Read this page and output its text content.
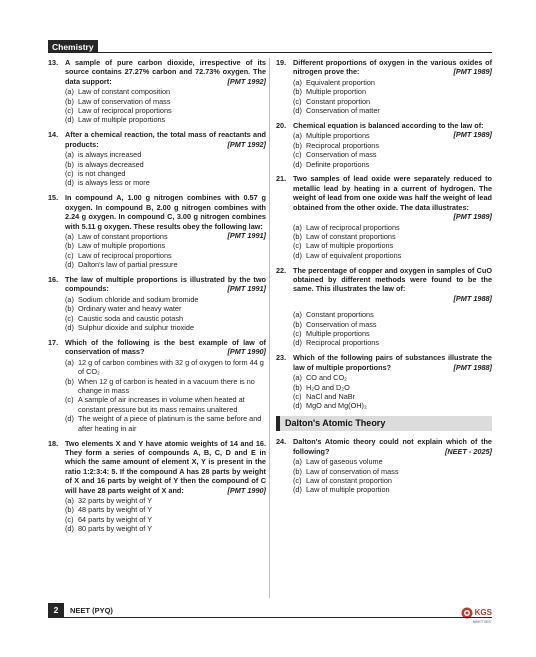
Chemistry
13. A sample of pure carbon dioxide, irrespective of its source contains 27.27% carbon and 72.73% oxygen. The data support:	[PMT 1992]
(a) Law of constant composition
(b) Law of conservation of mass
(c) Law of reciprocal proportions
(d) Law of multiple proportions
14. After a chemical reaction, the total mass of reactants and products:	[PMT 1992]
(a) is always increased
(b) is always decreased
(c) is not changed
(d) is always less or more
15. In compound A, 1.00 g nitrogen combines with 0.57 g oxygen. In compound B, 2.00 g nitrogen combines with 2.24 g oxygen. In compound C, 3.00 g nitrogen combines with 5.11 g oxygen. These results obey the following law:
[PMT 1991]
(a) Law of constant proportions
(b) Law of multiple proportions
(c) Law of reciprocal proportions
(d) Dalton's law of partial pressure
16. The law of multiple proportions is illustrated by the two compounds:	[PMT 1991]
(a) Sodium chloride and sodium bromide
(b) Ordinary water and heavy water
(c) Caustic soda and caustic potash
(d) Sulphur dioxide and sulphur trioxide
17. Which of the following is the best example of law of conservation of mass?	[PMT 1990]
(a) 12 g of carbon combines with 32 g of oxygen to form 44 g of CO₂
(b) When 12 g of carbon is heated in a vacuum there is no change in mass
(c) A sample of air increases in volume when heated at constant pressure but its mass remains unaltered
(d) The weight of a piece of platinum is the same before and after heating in air
18. Two elements X and Y have atomic weights of 14 and 16. They form a series of compounds A, B, C, D and E in which the same amount of element X, Y is present in the ratio 1:2:3:4: 5. If the compound A has 28 parts by weight of X and 16 parts by weight of Y then the compound of C will have 28 parts weight of X and:	[PMT 1990]
(a) 32 parts by weight of Y
(b) 48 parts by weight of Y
(c) 64 parts by weight of Y
(d) 80 parts by weight of Y
19. Different proportions of oxygen in the various oxides of nitrogen prove the:	[PMT 1989]
(a) Equivalent proportion
(b) Multiple proportion
(c) Constant proportion
(d) Conservation of matter
20. Chemical equation is balanced according to the law of:
[PMT 1989]
(a) Multiple proportions
(b) Reciprocal proportions
(c) Conservation of mass
(d) Definite proportions
21. Two samples of lead oxide were separately reduced to metallic lead by heating in a current of hydrogen. The weight of lead from one oxide was half the weight of lead obtained from the other oxide. The data illustrates:
[PMT 1989]
(a) Law of reciprocal proportions
(b) Law of constant proportions
(c) Law of multiple proportions
(d) Law of equivalent proportions
22. The percentage of copper and oxygen in samples of CuO obtained by different methods were found to be the same. This illustrates the law of:
[PMT 1988]
(a) Constant proportions
(b) Conservation of mass
(c) Multiple proportions
(d) Reciprocal proportions
23. Which of the following pairs of substances illustrate the law of multiple proportions?	[PMT 1988]
(a) CO and CO₂
(b) H₂O and D₂O
(c) NaCl and NaBr
(d) MgO and Mg(OH)₂
Dalton's Atomic Theory
24. Dalton's Atomic theory could not explain which of the following?	[NEET - 2025]
(a) Law of gaseous volume
(b) Law of conservation of mass
(c) Law of constant proportion
(d) Law of multiple proportion
2	NEET (PYQ)	KGS
NEET IES
